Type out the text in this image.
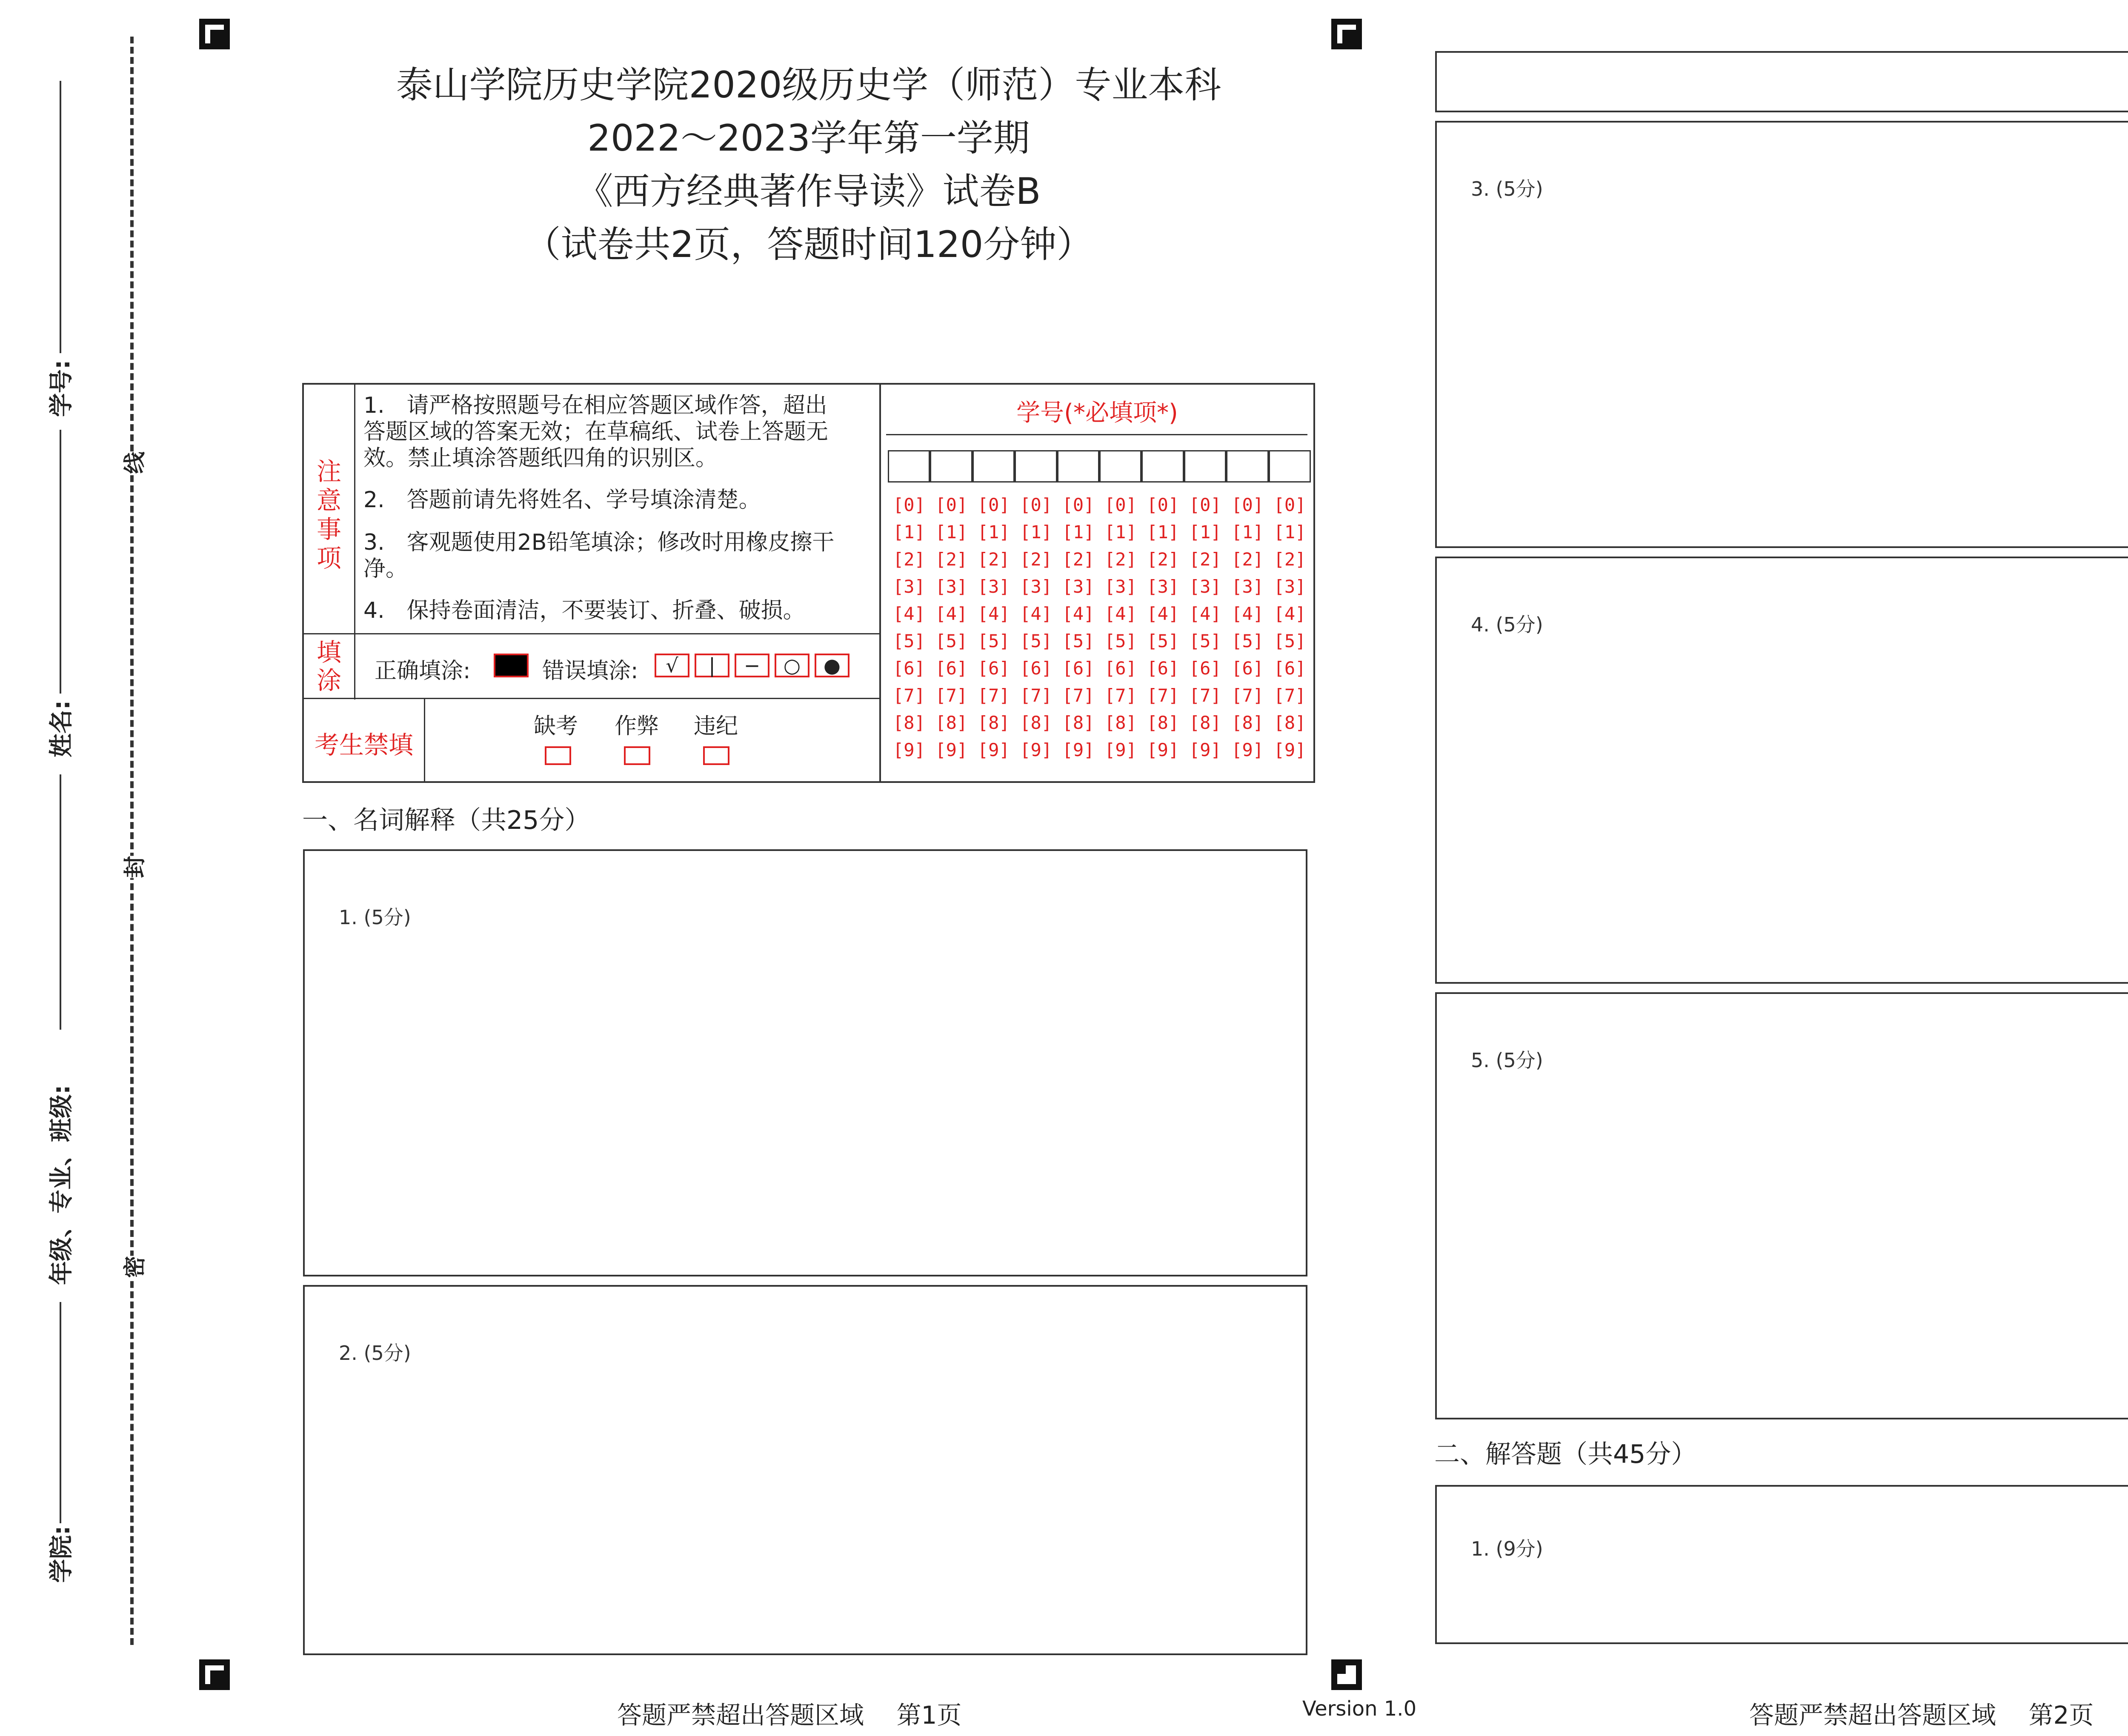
学号:
姓名:
年级、专业、班级:
学院:
线
封
密
泰山学院历史学院2020级历史学（师范）专业本科
2022～2023学年第一学期
《西方经典著作导读》试卷B
（试卷共2页，答题时间120分钟）
注
意
事
项
1.　请严格按照题号在相应答题区域作答，超出答题区域的答案无效；在草稿纸、试卷上答题无效。禁止填涂答题纸四角的识别区。
2.　答题前请先将姓名、学号填涂清楚。
3.　客观题使用2B铅笔填涂；修改时用橡皮擦干净。
4.　保持卷面清洁，不要装订、折叠、破损。
填
涂	正确填涂:	错误填涂:	√	|	−	○	●
考生禁填
缺考 作弊 违纪
学号(*必填项*)
[0] [0] [0] [0] [0] [0] [0] [0] [0] [0]
[1] [1] [1] [1] [1] [1] [1] [1] [1] [1]
[2] [2] [2] [2] [2] [2] [2] [2] [2] [2]
[3] [3] [3] [3] [3] [3] [3] [3] [3] [3]
[4] [4] [4] [4] [4] [4] [4] [4] [4] [4]
[5] [5] [5] [5] [5] [5] [5] [5] [5] [5]
[6] [6] [6] [6] [6] [6] [6] [6] [6] [6]
[7] [7] [7] [7] [7] [7] [7] [7] [7] [7]
[8] [8] [8] [8] [8] [8] [8] [8] [8] [8]
[9] [9] [9] [9] [9] [9] [9] [9] [9] [9]
一、名词解释（共25分）
1. (5分)
2. (5分)
3. (5分)
4. (5分)
5. (5分)
二、解答题（共45分）
1. (9分)
答题严禁超出答题区域　 第1页	Version 1.0	答题严禁超出答题区域　 第2页
